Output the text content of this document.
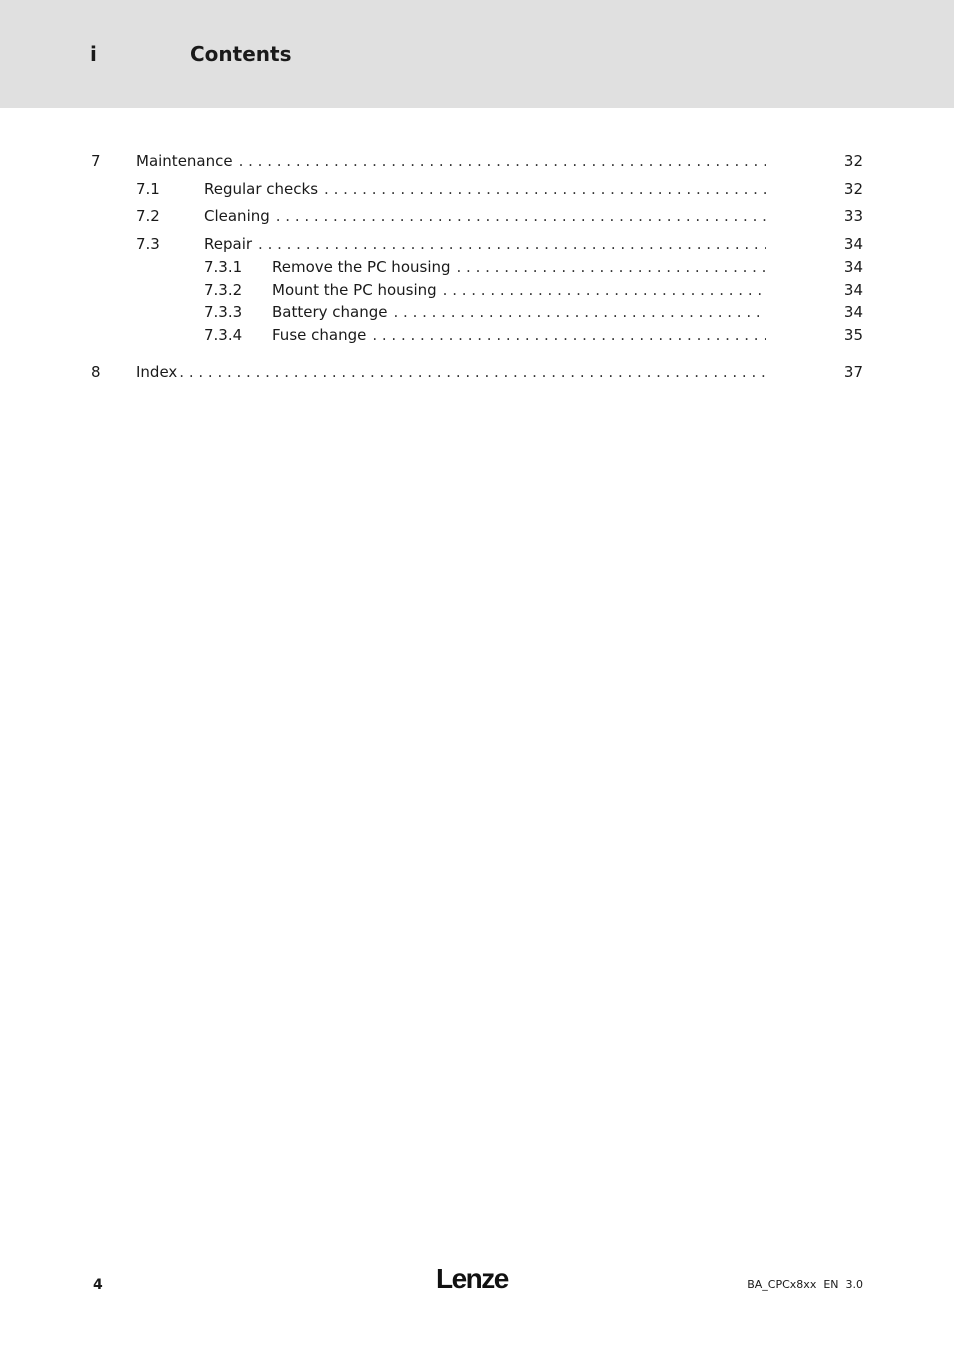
i	Contents
7 Maintenance . . .	32
7.1	Regular checks . . .	32
7.2	Cleaning . . .	33
7.3	Repair . . .	34
7.3.1 Remove the PC housing . . .	34
7.3.2 Mount the PC housing . . .	34
7.3.3 Battery change . . .	34
7.3.4 Fuse change . . .	35
8 Index . . .	37
4	Lenze	BA_CPCx8xx  EN  3.0
